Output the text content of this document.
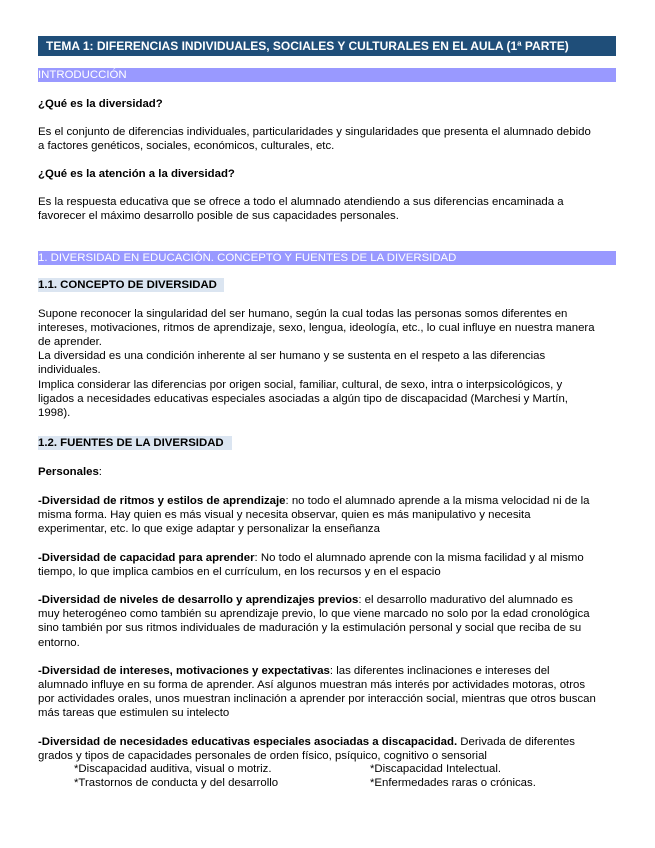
TEMA 1: DIFERENCIAS INDIVIDUALES, SOCIALES Y CULTURALES EN EL AULA (1ª PARTE)
INTRODUCCIÓN
¿Qué es la diversidad?
Es el conjunto de diferencias individuales, particularidades y singularidades que presenta el alumnado debido
a factores genéticos, sociales, económicos, culturales, etc.
¿Qué es la atención a la diversidad?
Es la respuesta educativa que se ofrece a todo el alumnado atendiendo a sus diferencias encaminada a
favorecer el máximo desarrollo posible de sus capacidades personales.
1. DIVERSIDAD EN EDUCACIÓN. CONCEPTO Y FUENTES DE LA DIVERSIDAD
1.1. CONCEPTO DE DIVERSIDAD
Supone reconocer la singularidad del ser humano, según la cual todas las personas somos diferentes en
intereses, motivaciones, ritmos de aprendizaje, sexo, lengua, ideología, etc., lo cual influye en nuestra manera
de aprender.
La diversidad es una condición inherente al ser humano y se sustenta en el respeto a las diferencias
individuales.
Implica considerar las diferencias por origen social, familiar, cultural, de sexo, intra o interpsicológicos, y
ligados a necesidades educativas especiales asociadas a algún tipo de discapacidad (Marchesi y Martín,
1998).
1.2. FUENTES DE LA DIVERSIDAD
Personales:
-Diversidad de ritmos y estilos de aprendizaje: no todo el alumnado aprende a la misma velocidad ni de la
misma forma. Hay quien es más visual y necesita observar, quien es más manipulativo y necesita
experimentar, etc. lo que exige adaptar y personalizar la enseñanza
-Diversidad de capacidad para aprender: No todo el alumnado aprende con la misma facilidad y al mismo
tiempo, lo que implica cambios en el currículum, en los recursos y en el espacio
-Diversidad de niveles de desarrollo y aprendizajes previos: el desarrollo madurativo del alumnado es
muy heterogéneo como también su aprendizaje previo, lo que viene marcado no solo por la edad cronológica
sino también por sus ritmos individuales de maduración y la estimulación personal y social que reciba de su
entorno.
-Diversidad de intereses, motivaciones y expectativas: las diferentes inclinaciones e intereses del
alumnado influye en su forma de aprender. Así algunos muestran más interés por actividades motoras, otros
por actividades orales, unos muestran inclinación a aprender por interacción social, mientras que otros buscan
más tareas que estimulen su intelecto
-Diversidad de necesidades educativas especiales asociadas a discapacidad. Derivada de diferentes
grados y tipos de capacidades personales de orden físico, psíquico, cognitivo o sensorial
*Discapacidad auditiva, visual o motriz.
*Trastornos de conducta y del desarrollo
*Discapacidad Intelectual.
*Enfermedades raras o crónicas.
